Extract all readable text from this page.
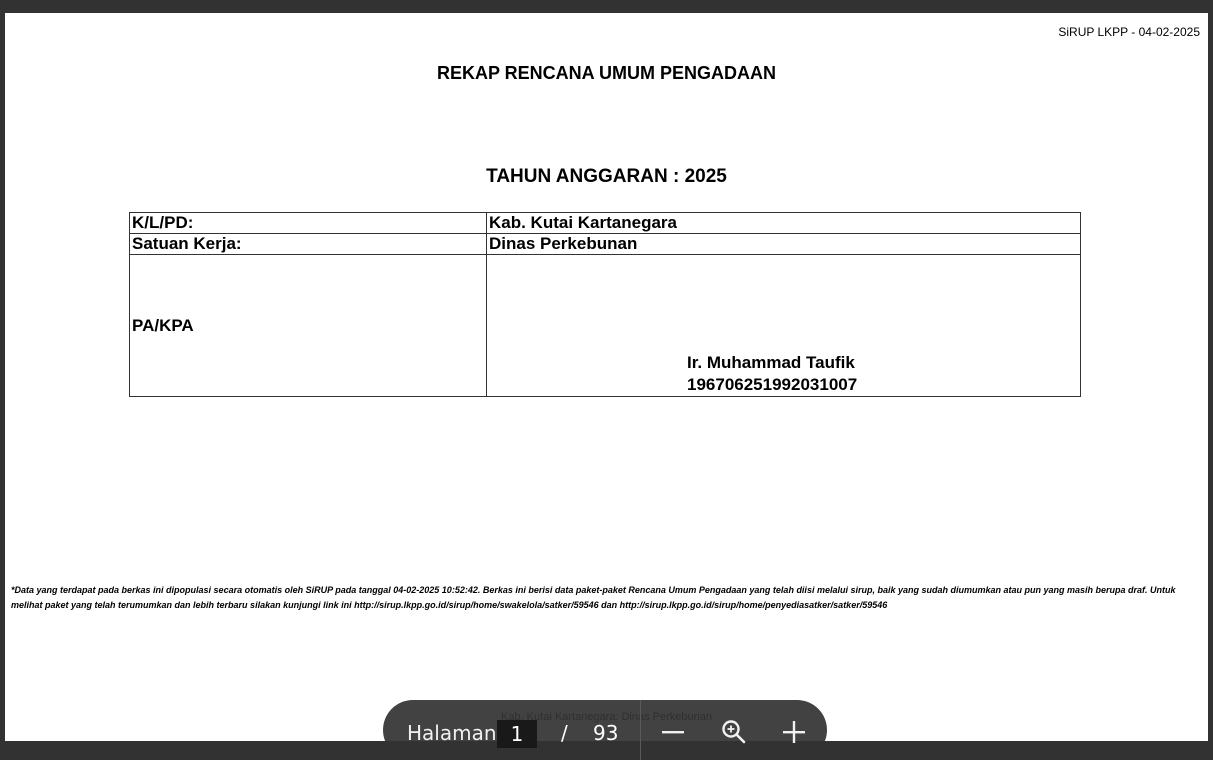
SiRUP LKPP - 04-02-2025
REKAP RENCANA UMUM PENGADAAN
TAHUN ANGGARAN : 2025
K/L/PD:	Kab. Kutai Kartanegara
Satuan Kerja:	Dinas Perkebunan
PA/KPA	Ir. Muhammad Taufik
196706251992031007
*Data yang terdapat pada berkas ini dipopulasi secara otomatis oleh SiRUP pada tanggal 04-02-2025 10:52:42. Berkas ini berisi data paket-paket Rencana Umum Pengadaan yang telah diisi melalui sirup, baik yang sudah diumumkan atau pun yang masih berupa draf. Untuk melihat paket yang telah terumumkan dan lebih terbaru silakan kunjungi link ini http://sirup.lkpp.go.id/sirup/home/swakelola/satker/59546 dan http://sirup.lkpp.go.id/sirup/home/penyediasatker/satker/59546
Halaman
1	/ 93
